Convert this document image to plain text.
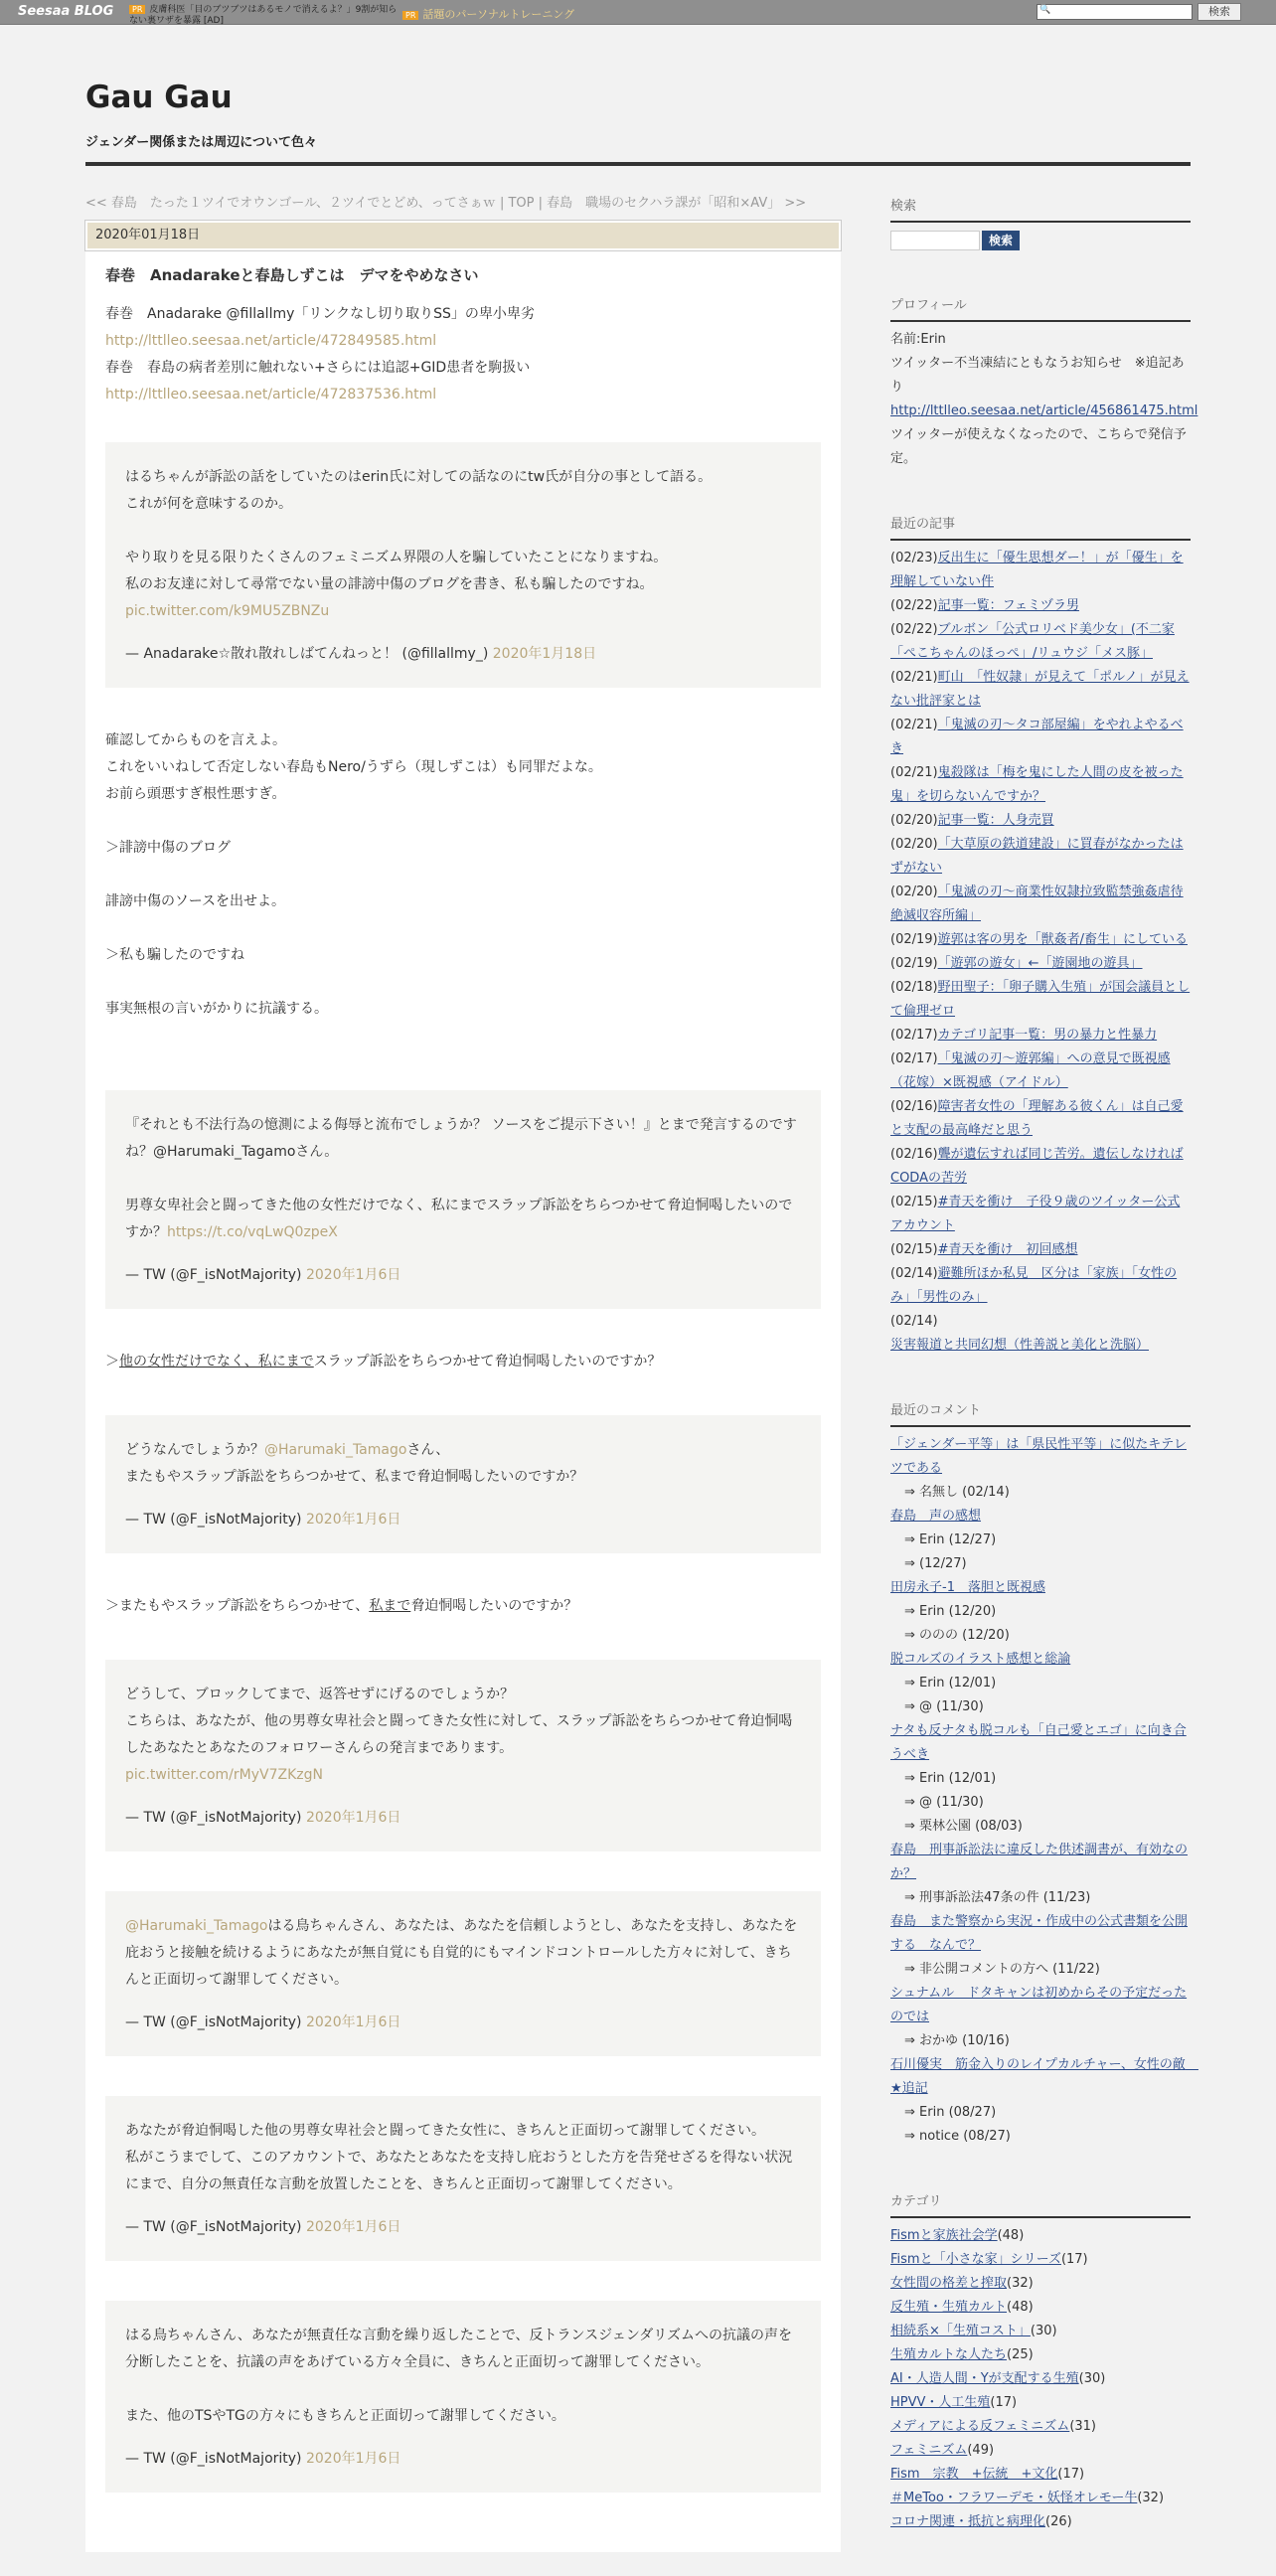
Seesaa BLOG	PR 皮膚科医「目のブツブツはあるモノで消えるよ？」9割が知らない裏ワザを暴露 [AD]
PR 話題のパーソナルトレーニング	🔍	検索
Gau Gau
ジェンダー関係または周辺について色々
<< 春島　たった１ツイでオウンゴール、２ツイでとどめ、ってさぁｗ | TOP | 春島　職場のセクハラ課が「昭和×AV」 >>
2020年01月18日
春巻　Anadarakeと春島しずこは　デマをやめなさい

春巻　Anadarake @fillallmy「リンクなし切り取りSS」の卑小卑劣

http://lttlleo.seesaa.net/article/472849585.html

春巻　春島の病者差別に触れない+さらには追認+GID患者を駒扱い

http://lttlleo.seesaa.net/article/472837536.html

はるちゃんが訴訟の話をしていたのはerin氏に対しての話なのにtw氏が自分の事として語る。

これが何を意味するのか。

やり取りを見る限りたくさんのフェミニズム界隈の人を騙していたことになりますね。

私のお友達に対して尋常でない量の誹謗中傷のブログを書き、私も騙したのですね。

pic.twitter.com/k9MU5ZBNZu

— Anadarake☆散れ散れしばてんねっと！ (@fillallmy_) 2020年1月18日

確認してからものを言えよ。

これをいいねして否定しない春島もNero/うずら（現しずこは）も同罪だよな。

お前ら頭悪すぎ根性悪すぎ。

＞誹謗中傷のブログ

誹謗中傷のソースを出せよ。

＞私も騙したのですね

事実無根の言いがかりに抗議する。

『それとも不法行為の憶測による侮辱と流布でしょうか？ ソースをご提示下さい！』とまで発言するのですね？@Harumaki_Tagamoさん。

男尊女卑社会と闘ってきた他の女性だけでなく、私にまでスラップ訴訟をちらつかせて脅迫恫喝したいのですか？https://t.co/vqLwQ0zpeX

— TW (@F_isNotMajority) 2020年1月6日

＞他の女性だけでなく、私にまでスラップ訴訟をちらつかせて脅迫恫喝したいのですか？

どうなんでしょうか？@Harumaki_Tamagoさん、

またもやスラップ訴訟をちらつかせて、私まで脅迫恫喝したいのですか？

— TW (@F_isNotMajority) 2020年1月6日

＞またもやスラップ訴訟をちらつかせて、私まで脅迫恫喝したいのですか？

どうして、ブロックしてまで、返答せずにげるのでしょうか？

こちらは、あなたが、他の男尊女卑社会と闘ってきた女性に対して、スラップ訴訟をちらつかせて脅迫恫喝したあなたとあなたのフォロワーさんらの発言まであります。

pic.twitter.com/rMyV7ZKzgN

— TW (@F_isNotMajority) 2020年1月6日

@Harumaki_Tamagoはる鳥ちゃんさん、あなたは、あなたを信頼しようとし、あなたを支持し、あなたを庇おうと接触を続けるようにあなたが無自覚にも自覚的にもマインドコントロールした方々に対して、きちんと正面切って謝罪してください。

— TW (@F_isNotMajority) 2020年1月6日

あなたが脅迫恫喝した他の男尊女卑社会と闘ってきた女性に、きちんと正面切って謝罪してください。

私がこうまでして、このアカウントで、あなたとあなたを支持し庇おうとした方を告発せざるを得ない状況にまで、自分の無責任な言動を放置したことを、きちんと正面切って謝罪してください。

— TW (@F_isNotMajority) 2020年1月6日

はる鳥ちゃんさん、あなたが無責任な言動を繰り返したことで、反トランスジェンダリズムへの抗議の声を分断したことを、抗議の声をあげている方々全員に、きちんと正面切って謝罪してください。

また、他のTSやTGの方々にもきちんと正面切って謝罪してください。

— TW (@F_isNotMajority) 2020年1月6日

検索
検索
プロフィール
名前:Erin
ツイッター不当凍結にともなうお知らせ　※追記あり
http://lttlleo.seesaa.net/article/456861475.html
ツイッターが使えなくなったので、こちらで発信予定。
最近の記事
(02/23)反出生に「優生思想ダー！」が「優生」を理解していない件
(02/22)記事一覧：フェミヅラ男
(02/22)ブルボン「公式ロリベド美少女」(不二家「ぺこちゃんのほっぺ」/リュウジ「メス豚」
(02/21)町山　「性奴隷」が見えて「ポルノ」が見えない批評家とは
(02/21)「鬼滅の刃～タコ部屋編」をやれよやるべき
(02/21)鬼殺隊は「梅を鬼にした人間の皮を被った鬼」を切らないんですか？
(02/20)記事一覧：人身売買
(02/20)「大草原の鉄道建設」に買春がなかったはずがない
(02/20)「鬼滅の刃～商業性奴隷拉致監禁強姦虐待絶滅収容所編」
(02/19)遊郭は客の男を「獣姦者/畜生」にしている
(02/19)「遊郭の遊女」←「遊園地の遊具」
(02/18)野田聖子：「卵子購入生殖」が国会議員として倫理ゼロ
(02/17)カテゴリ記事一覧：男の暴力と性暴力
(02/17)「鬼滅の刃～遊郭編」への意見で既視感（花嫁）×既視感（アイドル）
(02/16)障害者女性の「理解ある彼くん」は自己愛と支配の最高峰だと思う
(02/16)聾が遺伝すれば同じ苦労。遺伝しなければCODAの苦労
(02/15)#青天を衝け　子役９歳のツイッター公式アカウント
(02/15)#青天を衝け　初回感想
(02/14)避難所ほか私見　区分は「家族」「女性のみ」「男性のみ」
(02/14)災害報道と共同幻想（性善説と美化と洗脳）
最近のコメント
「ジェンダー平等」は「県民性平等」に似たキテレツである
⇒ 名無し (02/14)
春島　声の感想
⇒ Erin (12/27)
⇒ (12/27)
田房永子-1　落胆と既視感
⇒ Erin (12/20)
⇒ ののの (12/20)
脱コルズのイラスト感想と総論
⇒ Erin (12/01)
⇒ @ (11/30)
ナタも反ナタも脱コルも「自己愛とエゴ」に向き合うべき
⇒ Erin (12/01)
⇒ @ (11/30)
⇒ 栗林公園 (08/03)
春島　刑事訴訟法に違反した供述調書が、有効なのか？
⇒ 刑事訴訟法47条の件 (11/23)
春島　また警察から実況・作成中の公式書類を公開する　なんで？
⇒ 非公開コメントの方へ (11/22)
シュナムル　ドタキャンは初めからその予定だったのでは
⇒ おかゆ (10/16)
石川優実　筋金入りのレイプカルチャー、女性の敵　★追記
⇒ Erin (08/27)
⇒ notice (08/27)
カテゴリ
Fismと家族社会学(48)
Fismと「小さな家」シリーズ(17)
女性間の格差と搾取(32)
反生殖・生殖カルト(48)
相続系×「生殖コスト」(30)
生殖カルトな人たち(25)
AI・人造人間・Yが支配する生殖(30)
HPVV・人工生殖(17)
メディアによる反フェミニズム(31)
フェミニズム(49)
Fism　宗教　+伝統　+文化(17)
＃MeToo・フラワーデモ・妖怪オレモー牛(32)
コロナ関連・抵抗と病理化(26)
